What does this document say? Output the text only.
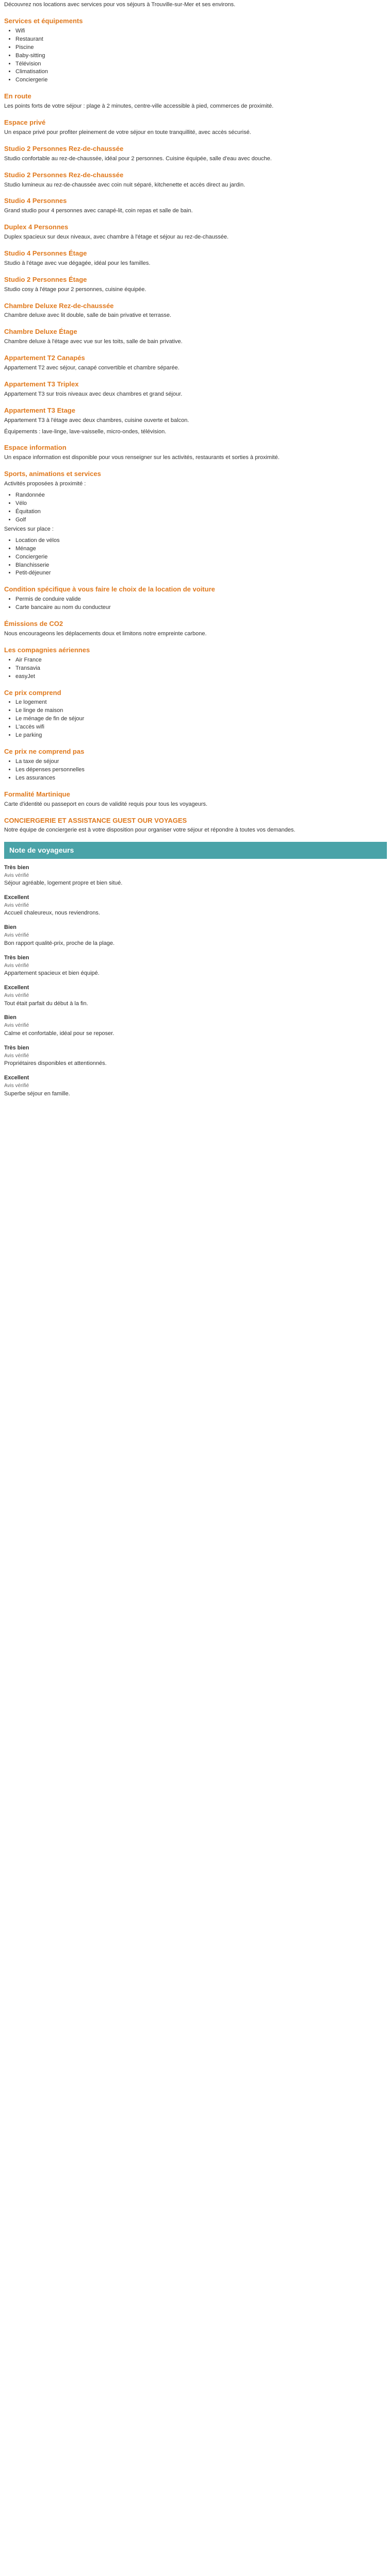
Découvrez nos locations avec services pour vos séjours à Trouville-sur-Mer et ses environs.

Services et équipements
• Wifi
• Restaurant
• Piscine
• Baby-sitting
• Télévision
• Climatisation
• Conciergerie
En route

Les points forts de votre séjour : plage à 2 minutes, centre-ville accessible à pied, commerces de proximité.

Espace privé

Un espace privé pour profiter pleinement de votre séjour en toute tranquillité, avec accès sécurisé.

Studio 2 Personnes Rez-de-chaussée

Studio confortable au rez-de-chaussée, idéal pour 2 personnes. Cuisine équipée, salle d'eau avec douche.

Studio 2 Personnes Rez-de-chaussée

Studio lumineux au rez-de-chaussée avec coin nuit séparé, kitchenette et accès direct au jardin.

Studio 4 Personnes

Grand studio pour 4 personnes avec canapé-lit, coin repas et salle de bain.

Duplex 4 Personnes

Duplex spacieux sur deux niveaux, avec chambre à l'étage et séjour au rez-de-chaussée.

Studio 4 Personnes Étage

Studio à l'étage avec vue dégagée, idéal pour les familles.

Studio 2 Personnes Étage

Studio cosy à l'étage pour 2 personnes, cuisine équipée.

Chambre Deluxe Rez-de-chaussée

Chambre deluxe avec lit double, salle de bain privative et terrasse.

Chambre Deluxe Étage

Chambre deluxe à l'étage avec vue sur les toits, salle de bain privative.

Appartement T2 Canapés

Appartement T2 avec séjour, canapé convertible et chambre séparée.

Appartement T3 Triplex

Appartement T3 sur trois niveaux avec deux chambres et grand séjour.

Appartement T3 Etage

Appartement T3 à l'étage avec deux chambres, cuisine ouverte et balcon.

Équipements : lave-linge, lave-vaisselle, micro-ondes, télévision.

Espace information

Un espace information est disponible pour vous renseigner sur les activités, restaurants et sorties à proximité.

Sports, animations et services

Activités proposées à proximité :

• Randonnée
• Vélo
• Équitation
• Golf

Services sur place :

• Location de vélos
• Ménage
• Conciergerie
• Blanchisserie
• Petit-déjeuner
Condition spécifique à vous faire le choix de la location de voiture
• Permis de conduire valide
• Carte bancaire au nom du conducteur
Émissions de CO2

Nous encourageons les déplacements doux et limitons notre empreinte carbone.

Les compagnies aériennes
• Air France
• Transavia
• easyJet
Ce prix comprend
• Le logement
• Le linge de maison
• Le ménage de fin de séjour
• L'accès wifi
• Le parking
Ce prix ne comprend pas
• La taxe de séjour
• Les dépenses personnelles
• Les assurances
Formalité Martinique

Carte d'identité ou passeport en cours de validité requis pour tous les voyageurs.

CONCIERGERIE ET ASSISTANCE GUEST OUR VOYAGES

Notre équipe de conciergerie est à votre disposition pour organiser votre séjour et répondre à toutes vos demandes.

Note de voyageurs

Très bien

Avis vérifié

Séjour agréable, logement propre et bien situé.

Excellent

Avis vérifié

Accueil chaleureux, nous reviendrons.

Bien

Avis vérifié

Bon rapport qualité-prix, proche de la plage.

Très bien

Avis vérifié

Appartement spacieux et bien équipé.

Excellent

Avis vérifié

Tout était parfait du début à la fin.

Bien

Avis vérifié

Calme et confortable, idéal pour se reposer.

Très bien

Avis vérifié

Propriétaires disponibles et attentionnés.

Excellent

Avis vérifié

Superbe séjour en famille.
